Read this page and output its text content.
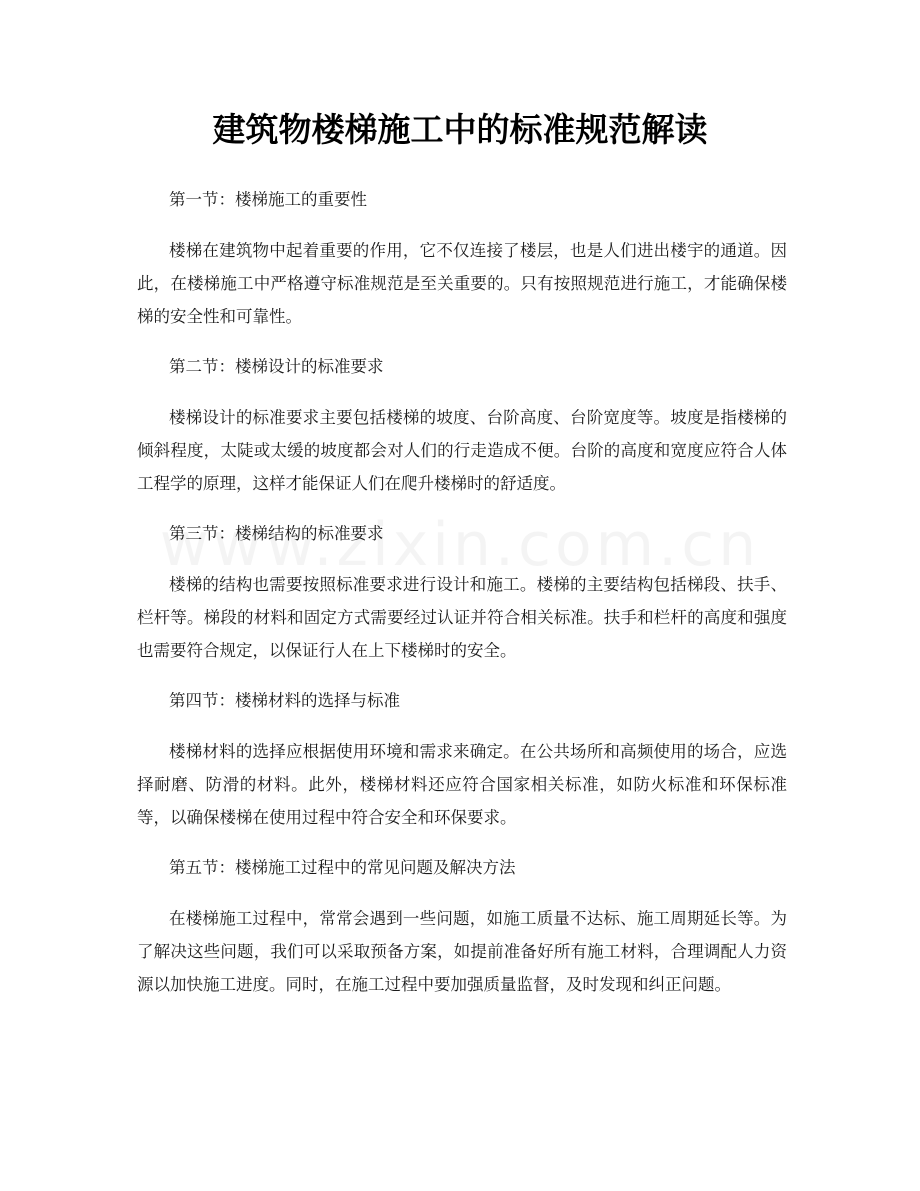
建筑物楼梯施工中的标准规范解读

第一节：楼梯施工的重要性

楼梯在建筑物中起着重要的作用，它不仅连接了楼层，也是人们进出楼宇的通道。因此，在楼梯施工中严格遵守标准规范是至关重要的。只有按照规范进行施工，才能确保楼梯的安全性和可靠性。

第二节：楼梯设计的标准要求

楼梯设计的标准要求主要包括楼梯的坡度、台阶高度、台阶宽度等。坡度是指楼梯的倾斜程度，太陡或太缓的坡度都会对人们的行走造成不便。台阶的高度和宽度应符合人体工程学的原理，这样才能保证人们在爬升楼梯时的舒适度。

第三节：楼梯结构的标准要求

楼梯的结构也需要按照标准要求进行设计和施工。楼梯的主要结构包括梯段、扶手、栏杆等。梯段的材料和固定方式需要经过认证并符合相关标准。扶手和栏杆的高度和强度也需要符合规定，以保证行人在上下楼梯时的安全。

第四节：楼梯材料的选择与标准

楼梯材料的选择应根据使用环境和需求来确定。在公共场所和高频使用的场合，应选择耐磨、防滑的材料。此外，楼梯材料还应符合国家相关标准，如防火标准和环保标准等，以确保楼梯在使用过程中符合安全和环保要求。

第五节：楼梯施工过程中的常见问题及解决方法

在楼梯施工过程中，常常会遇到一些问题，如施工质量不达标、施工周期延长等。为了解决这些问题，我们可以采取预备方案，如提前准备好所有施工材料，合理调配人力资源以加快施工进度。同时，在施工过程中要加强质量监督，及时发现和纠正问题。
